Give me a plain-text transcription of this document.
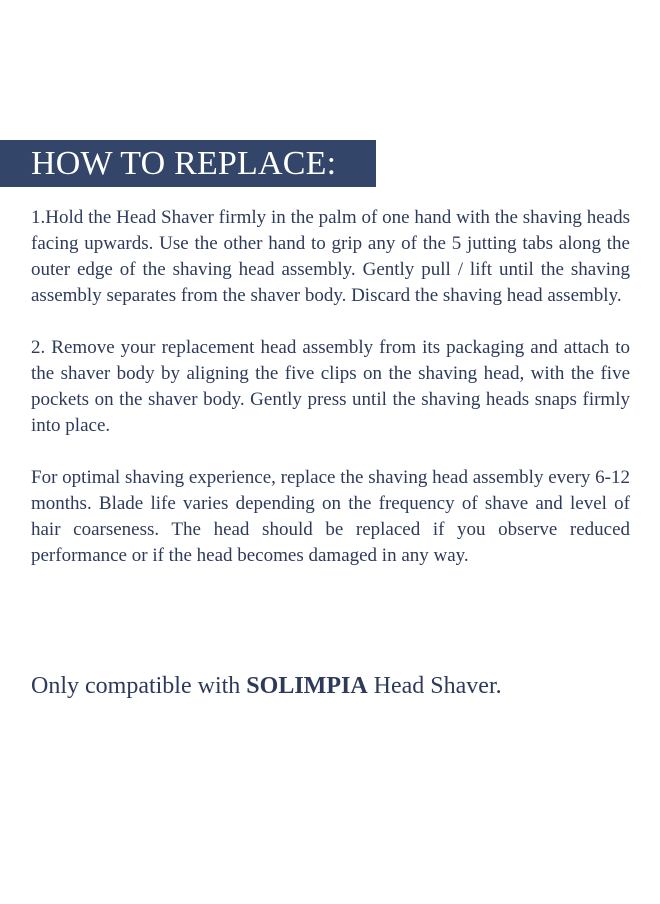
HOW TO REPLACE:

1.Hold the Head Shaver firmly in the palm of one hand with the shaving heads facing upwards. Use the other hand to grip any of the 5 jutting tabs along the outer edge of the shaving head assembly. Gently pull / lift until the shaving assembly separates from the shaver body. Discard the shaving head assembly.

2. Remove your replacement head assembly from its packaging and attach to the shaver body by aligning the five clips on the shaving head, with the five pockets on the shaver body. Gently press until the shaving heads snaps firmly into place.

For optimal shaving experience, replace the shaving head assembly every 6-12 months. Blade life varies depending on the frequency of shave and level of hair coarseness. The head should be replaced if you observe reduced performance or if the head becomes damaged in any way.

Only compatible with SOLIMPIA Head Shaver.
